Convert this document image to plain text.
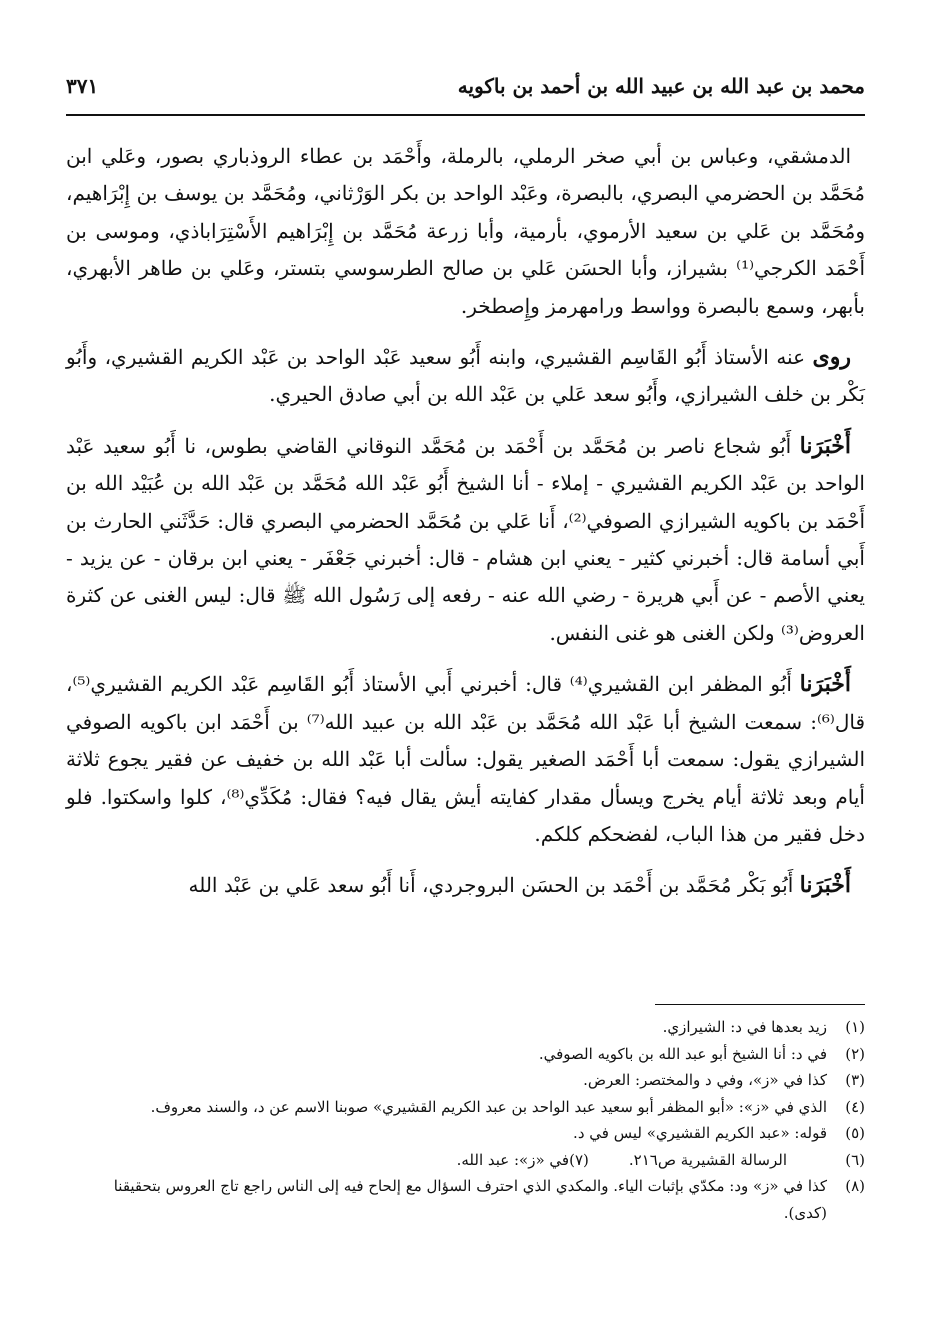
محمد بن عبد الله بن عبيد الله بن أحمد بن باكويه
٣٧١

الدمشقي، وعباس بن أبي صخر الرملي، بالرملة، وأَحْمَد بن عطاء الروذباري بصور، وعَلي ابن مُحَمَّد بن الحضرمي البصري، بالبصرة، وعَبْد الواحد بن بكر الوَرْثاني، ومُحَمَّد بن يوسف بن إِبْرَاهيم، ومُحَمَّد بن عَلي بن سعيد الأرموي، بأرمية، وأبا زرعة مُحَمَّد بن إِبْرَاهيم الأَسْتِرَاباذي، وموسى بن أَحْمَد الكرجي⁽¹⁾ بشيراز، وأبا الحسَن عَلي بن صالح الطرسوسي بتستر، وعَلي بن طاهر الأبهري، بأبهر، وسمع بالبصرة وواسط ورامهرمز وإِصطخر.

روى عنه الأستاذ أَبُو القَاسِم القشيري، وابنه أَبُو سعيد عَبْد الواحد بن عَبْد الكريم القشيري، وأَبُو بَكْر بن خلف الشيرازي، وأَبُو سعد عَلي بن عَبْد الله بن أبي صادق الحيري.

أَخْبَرَنا أَبُو شجاع ناصر بن مُحَمَّد بن أَحْمَد بن مُحَمَّد النوقاني القاضي بطوس، نا أَبُو سعيد عَبْد الواحد بن عَبْد الكريم القشيري - إملاء - أنا الشيخ أَبُو عَبْد الله مُحَمَّد بن عَبْد الله بن عُبَيْد الله بن أَحْمَد بن باكويه الشيرازي الصوفي⁽²⁾، أَنا عَلي بن مُحَمَّد الحضرمي البصري قال: حَدَّثَني الحارث بن أَبي أسامة قال: أخبرني كثير - يعني ابن هشام - قال: أخبرني جَعْفَر - يعني ابن برقان - عن يزيد - يعني الأصم - عن أَبي هريرة - رضي الله عنه - رفعه إلى رَسُول الله ﷺ قال: ليس الغنى عن كثرة العروض⁽³⁾ ولكن الغنى هو غنى النفس.

أَخْبَرَنا أَبُو المظفر ابن القشيري⁽⁴⁾ قال: أخبرني أَبي الأستاذ أَبُو القَاسِم عَبْد الكريم القشيري⁽⁵⁾، قال⁽⁶⁾: سمعت الشيخ أبا عَبْد الله مُحَمَّد بن عَبْد الله بن عبيد الله⁽⁷⁾ بن أَحْمَد ابن باكويه الصوفي الشيرازي يقول: سمعت أبا أَحْمَد الصغير يقول: سألت أبا عَبْد الله بن خفيف عن فقير يجوع ثلاثة أيام وبعد ثلاثة أيام يخرج ويسأل مقدار كفايته أيش يقال فيه؟ فقال: مُكَدِّي⁽⁸⁾، كلوا واسكتوا. فلو دخل فقير من هذا الباب، لفضحكم كلكم.

أَخْبَرَنا أَبُو بَكْر مُحَمَّد بن أَحْمَد بن الحسَن البروجردي، أَنا أَبُو سعد عَلي بن عَبْد الله

(١)
زيد بعدها في د: الشيرازي.
(٢)
في د: أنا الشيخ أبو عبد الله بن باكويه الصوفي.
(٣)
كذا في «ز»، وفي د والمختصر: العرض.
(٤)
الذي في «ز»: «أبو المظفر أبو سعيد عبد الواحد بن عبد الكريم القشيري» صوبنا الاسم عن د، والسند معروف.
(٥)
قوله: «عبد الكريم القشيري» ليس في د.
(٦)
الرسالة القشيرية ص٢١٦.
(٧)
في «ز»: عبد الله.
(٨)
كذا في «ز» ود: مكدّي بإثبات الياء. والمكدي الذي احترف السؤال مع إلحاح فيه إلى الناس راجع تاج العروس بتحقيقنا (كدى).
